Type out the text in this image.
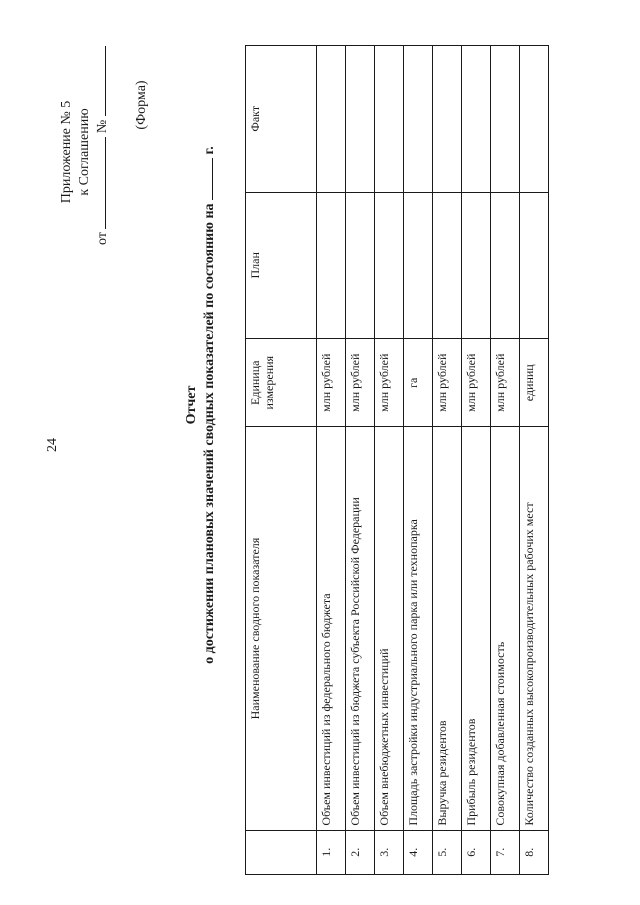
24
Приложение № 5 к Соглашению
от  № (Форма)
Отчет о достижении плановых значений сводных показателей по состоянию на  г.
	Наименование сводного показателя	Единица измерения	План	Факт
1.	Объем инвестиций из федерального бюджета	млн рублей		
2.	Объем инвестиций из бюджета субъекта Российской Федерации	млн рублей		
3.	Объем внебюджетных инвестиций	млн рублей		
4.	Площадь застройки индустриального парка или технопарка	га		
5.	Выручка резидентов	млн рублей		
6.	Прибыль резидентов	млн рублей		
7.	Совокупная добавленная стоимость	млн рублей		
8.	Количество созданных высокопроизводительных рабочих мест	единиц		
